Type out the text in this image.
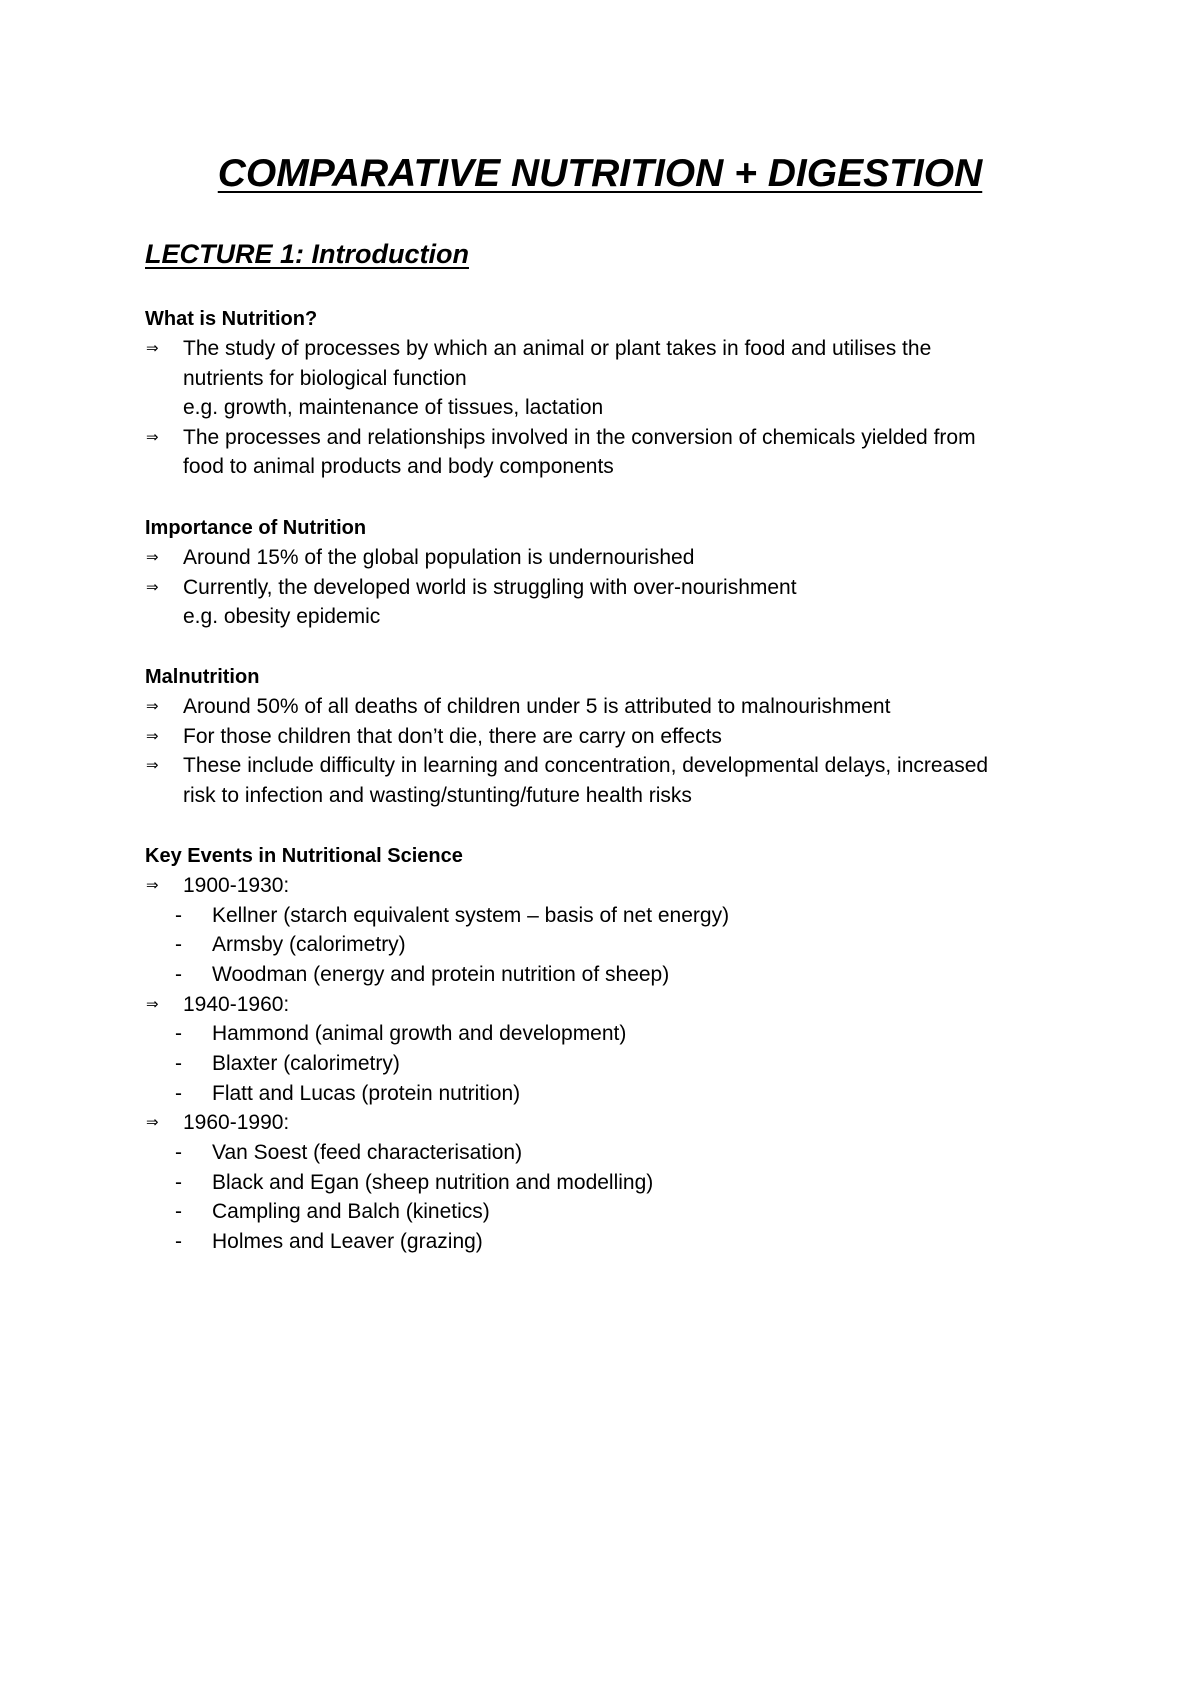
COMPARATIVE NUTRITION + DIGESTION
LECTURE 1: Introduction
What is Nutrition?
⇒	The study of processes by which an animal or plant takes in food and utilises the
nutrients for biological function
e.g. growth, maintenance of tissues, lactation
⇒	The processes and relationships involved in the conversion of chemicals yielded from
food to animal products and body components
Importance of Nutrition
⇒	Around 15% of the global population is undernourished
⇒	Currently, the developed world is struggling with over-nourishment
e.g. obesity epidemic
Malnutrition
⇒	Around 50% of all deaths of children under 5 is attributed to malnourishment
⇒	For those children that don’t die, there are carry on effects
⇒	These include difficulty in learning and concentration, developmental delays, increased
risk to infection and wasting/stunting/future health risks
Key Events in Nutritional Science
⇒	1900-1930:
- Kellner (starch equivalent system – basis of net energy)
- Armsby (calorimetry)
- Woodman (energy and protein nutrition of sheep)
⇒	1940-1960:
- Hammond (animal growth and development)
- Blaxter (calorimetry)
- Flatt and Lucas (protein nutrition)
⇒	1960-1990:
- Van Soest (feed characterisation)
- Black and Egan (sheep nutrition and modelling)
- Campling and Balch (kinetics)
- Holmes and Leaver (grazing)
